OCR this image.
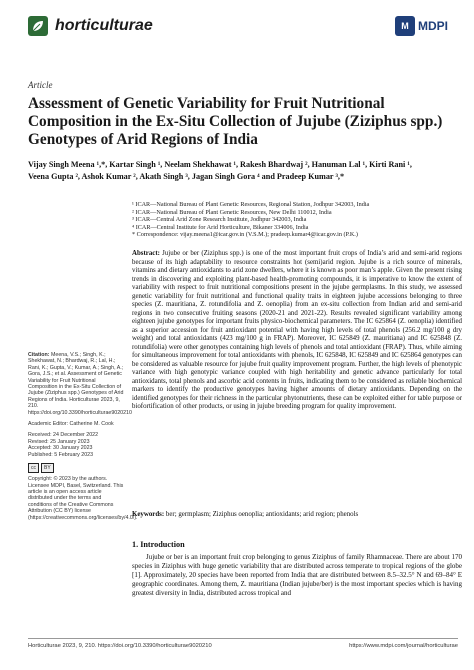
horticulturae	M MDPI
Article
Assessment of Genetic Variability for Fruit Nutritional Composition in the Ex-Situ Collection of Jujube (Ziziphus spp.) Genotypes of Arid Regions of India
Vijay Singh Meena ¹,*, Kartar Singh ¹, Neelam Shekhawat ¹, Rakesh Bhardwaj ², Hanuman Lal ¹, Kirti Rani ¹,
Veena Gupta ², Ashok Kumar ², Akath Singh ³, Jagan Singh Gora ⁴ and Pradeep Kumar ³,*
¹ ICAR—National Bureau of Plant Genetic Resources, Regional Station, Jodhpur 342003, India
² ICAR—National Bureau of Plant Genetic Resources, New Delhi 110012, India
³ ICAR—Central Arid Zone Research Institute, Jodhpur 342003, India
⁴ ICAR—Central Institute for Arid Horticulture, Bikaner 334006, India
* Correspondence: vijay.meena1@icar.gov.in (V.S.M.); pradeep.kumar4@icar.gov.in (P.K.)
Abstract: Jujube or ber (Ziziphus spp.) is one of the most important fruit crops of India’s arid and semi-arid regions because of its high adaptability to resource constraints hot (semi)arid region. Jujube is a rich source of minerals, vitamins and dietary antioxidants to arid zone dwellers, where it is known as poor man’s apple. Given the present rising trends in discovering and exploiting plant-based health-promoting compounds, it is imperative to know the extent of variability with respect to fruit nutritional compositions present in the jujube germplasms. In this study, we assessed genetic variability for fruit nutritional and functional quality traits in eighteen jujube accessions belonging to three species (Z. mauritiana, Z. rotundifolia and Z. oenoplia) from an ex-situ collection from Indian arid and semi-arid regions in two consecutive fruiting seasons (2020-21 and 2021-22). Results revealed significant variability among eighteen jujube genotypes for important fruits physico-biochemical parameters. The IC 625864 (Z. oenoplia) identified as a superior accession for fruit antioxidant potential with having high levels of total phenols (256.2 mg/100 g dry weight) and total antioxidants (423 mg/100 g in FRAP). Moreover, IC 625849 (Z. mauritiana) and IC 625848 (Z. rotundifolia) were other genotypes containing high levels of phenols and total antioxidant (FRAP). Thus, while aiming for simultaneous improvement for total antioxidants with phenols, IC 625848, IC 625849 and IC 625864 genotypes can be considered as valuable resource for jujube fruit quality improvement program. Further, the high levels of phenotypic variance with high genotypic variance coupled with high heritability and genetic advance particularly for total antioxidants, total phenols and ascorbic acid contents in fruits, indicating them to be considered as reliable biochemical markers to identify the productive genotypes having higher amounts of dietary antioxidants. Depending on the identified genotypes for their richness in the particular phytonutrients, these can be exploited either for table purpose or biofortification of other products, or using in jujube breeding program for quality improvement.
Keywords: ber; germplasm; Ziziphus oenoplia; antioxidants; arid region; phenols

Citation: Meena, V.S.; Singh, K.; Shekhawat, N.; Bhardwaj, R.; Lal, H.; Rani, K.; Gupta, V.; Kumar, A.; Singh, A.; Gora, J.S.; et al. Assessment of Genetic Variability for Fruit Nutritional Composition in the Ex-Situ Collection of Jujube (Ziziphus spp.) Genotypes of Arid Regions of India. Horticulturae 2023, 9, 210. https://doi.org/10.3390/horticulturae9020210

Academic Editor: Catherine M. Cook

Received: 24 December 2022
Revised: 25 January 2023
Accepted: 30 January 2023
Published: 5 February 2023

cc	BY

Copyright: © 2023 by the authors. Licensee MDPI, Basel, Switzerland. This article is an open access article distributed under the terms and conditions of the Creative Commons Attribution (CC BY) license (https://creativecommons.org/licenses/by/4.0/).

1. Introduction
Jujube or ber is an important fruit crop belonging to genus Ziziphus of family Rhamnaceae. There are about 170 species in Ziziphus with huge genetic variability that are distributed across temperate to tropical regions of the globe [1]. Approximately, 20 species have been reported from India that are distributed between 8.5–32.5° N and 69–84° E geographic coordinates. Among them, Z. mauritiana (Indian jujube/ber) is the most important species which is having greatest diversity in India, distributed across tropical and
Horticulturae 2023, 9, 210. https://doi.org/10.3390/horticulturae9020210	https://www.mdpi.com/journal/horticulturae
